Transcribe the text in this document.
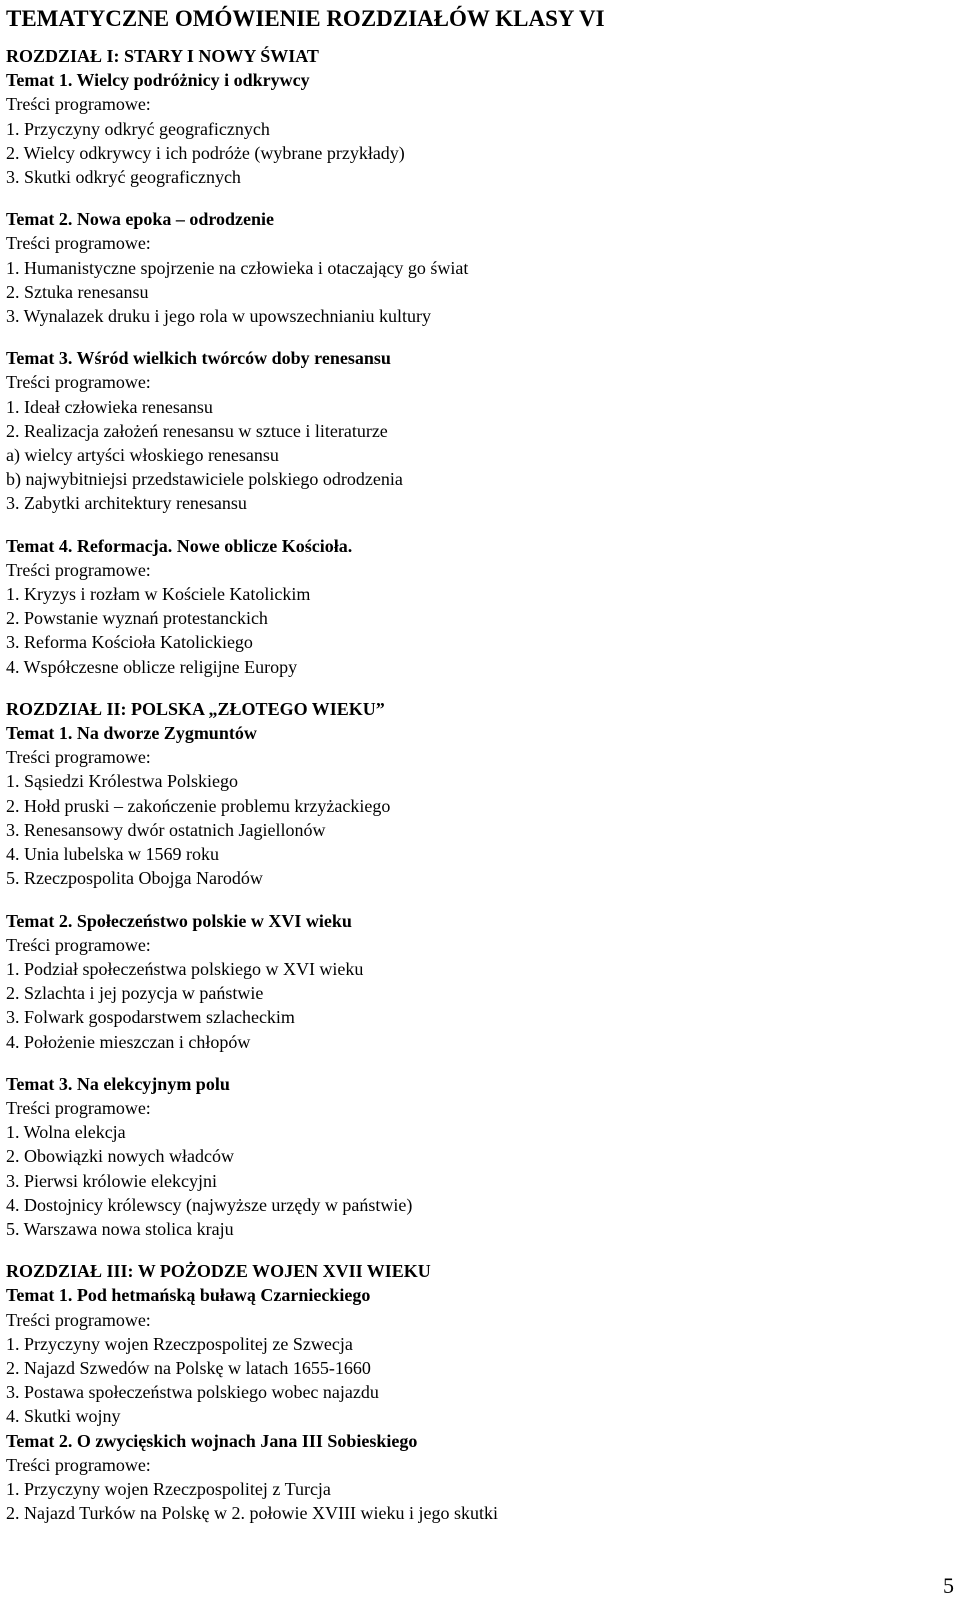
TEMATYCZNE OMÓWIENIE ROZDZIAŁÓW KLASY VI
ROZDZIAŁ I: STARY I NOWY ŚWIAT
Temat 1. Wielcy podróżnicy i odkrywcy
Treści programowe:
1. Przyczyny odkryć geograficznych
2. Wielcy odkrywcy i ich podróże (wybrane przykłady)
3. Skutki odkryć geograficznych
Temat 2. Nowa epoka – odrodzenie
Treści programowe:
1. Humanistyczne spojrzenie na człowieka i otaczający go świat
2. Sztuka renesansu
3. Wynalazek druku i jego rola w upowszechnianiu kultury
Temat 3. Wśród wielkich twórców doby renesansu
Treści programowe:
1. Ideał człowieka renesansu
2. Realizacja założeń renesansu w sztuce i literaturze
a) wielcy artyści włoskiego renesansu
b) najwybitniejsi przedstawiciele polskiego odrodzenia
3. Zabytki architektury renesansu
Temat 4. Reformacja. Nowe oblicze Kościoła.
Treści programowe:
1. Kryzys i rozłam w Kościele Katolickim
2. Powstanie wyznań protestanckich
3. Reforma Kościoła Katolickiego
4. Współczesne oblicze religijne Europy
ROZDZIAŁ II: POLSKA „ZŁOTEGO WIEKU”
Temat 1. Na dworze Zygmuntów
Treści programowe:
1. Sąsiedzi Królestwa Polskiego
2. Hołd pruski – zakończenie problemu krzyżackiego
3. Renesansowy dwór ostatnich Jagiellonów
4. Unia lubelska w 1569 roku
5. Rzeczpospolita Obojga Narodów
Temat 2. Społeczeństwo polskie w XVI wieku
Treści programowe:
1. Podział społeczeństwa polskiego w XVI wieku
2. Szlachta i jej pozycja w państwie
3. Folwark gospodarstwem szlacheckim
4. Położenie mieszczan i chłopów
Temat 3. Na elekcyjnym polu
Treści programowe:
1. Wolna elekcja
2. Obowiązki nowych władców
3. Pierwsi królowie elekcyjni
4. Dostojnicy królewscy (najwyższe urzędy w państwie)
5. Warszawa nowa stolica kraju
ROZDZIAŁ III: W POŻODZE WOJEN XVII WIEKU
Temat 1. Pod hetmańską buławą Czarnieckiego
Treści programowe:
1. Przyczyny wojen Rzeczpospolitej ze Szwecja
2. Najazd Szwedów na Polskę w latach 1655-1660
3. Postawa społeczeństwa polskiego wobec najazdu
4. Skutki wojny
Temat 2. O zwycięskich wojnach Jana III Sobieskiego
Treści programowe:
1. Przyczyny wojen Rzeczpospolitej z Turcja
2. Najazd Turków na Polskę w 2. połowie XVIII wieku i jego skutki
5
